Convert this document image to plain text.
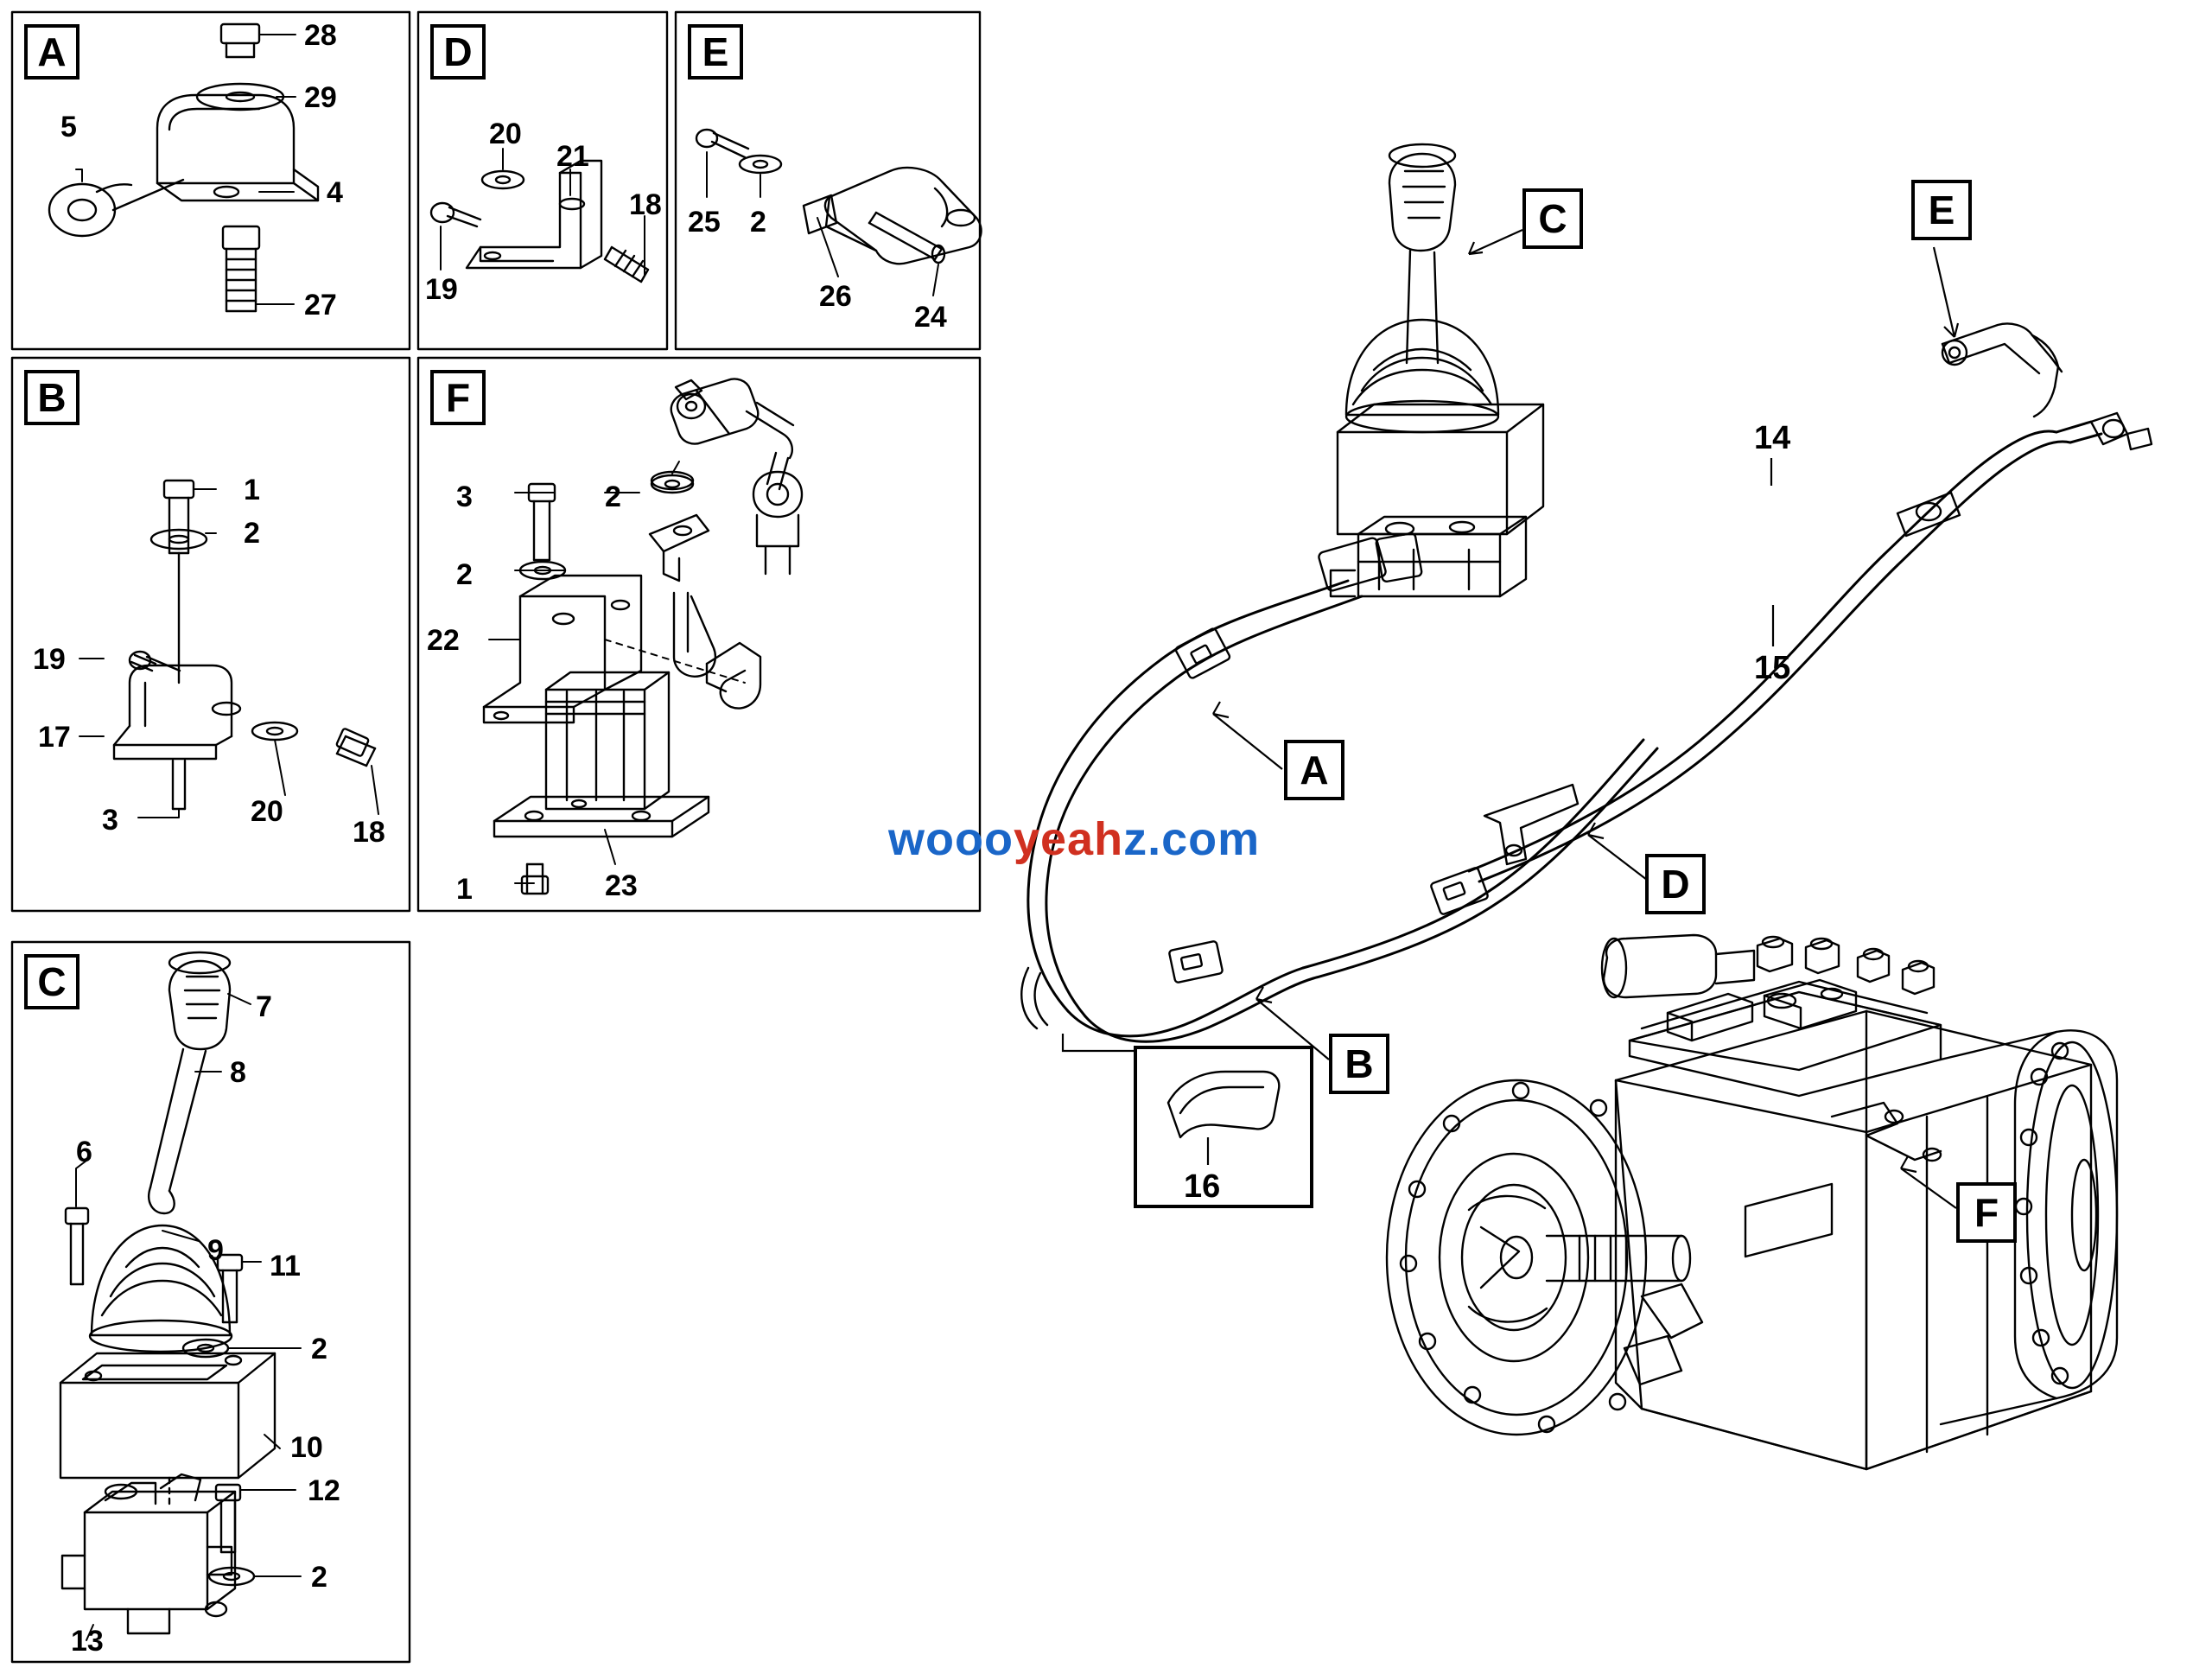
woooyeahz.com
A
B
C
D	E
F
28
29
5
4
27
1
2
19
17
3	20
18
7
8
6
9 11
2
10
12
2
13
20
21
18
19
25 2
26
24
3	2
2
22
1	23
14
15
16
C	E
A
D
B
F
